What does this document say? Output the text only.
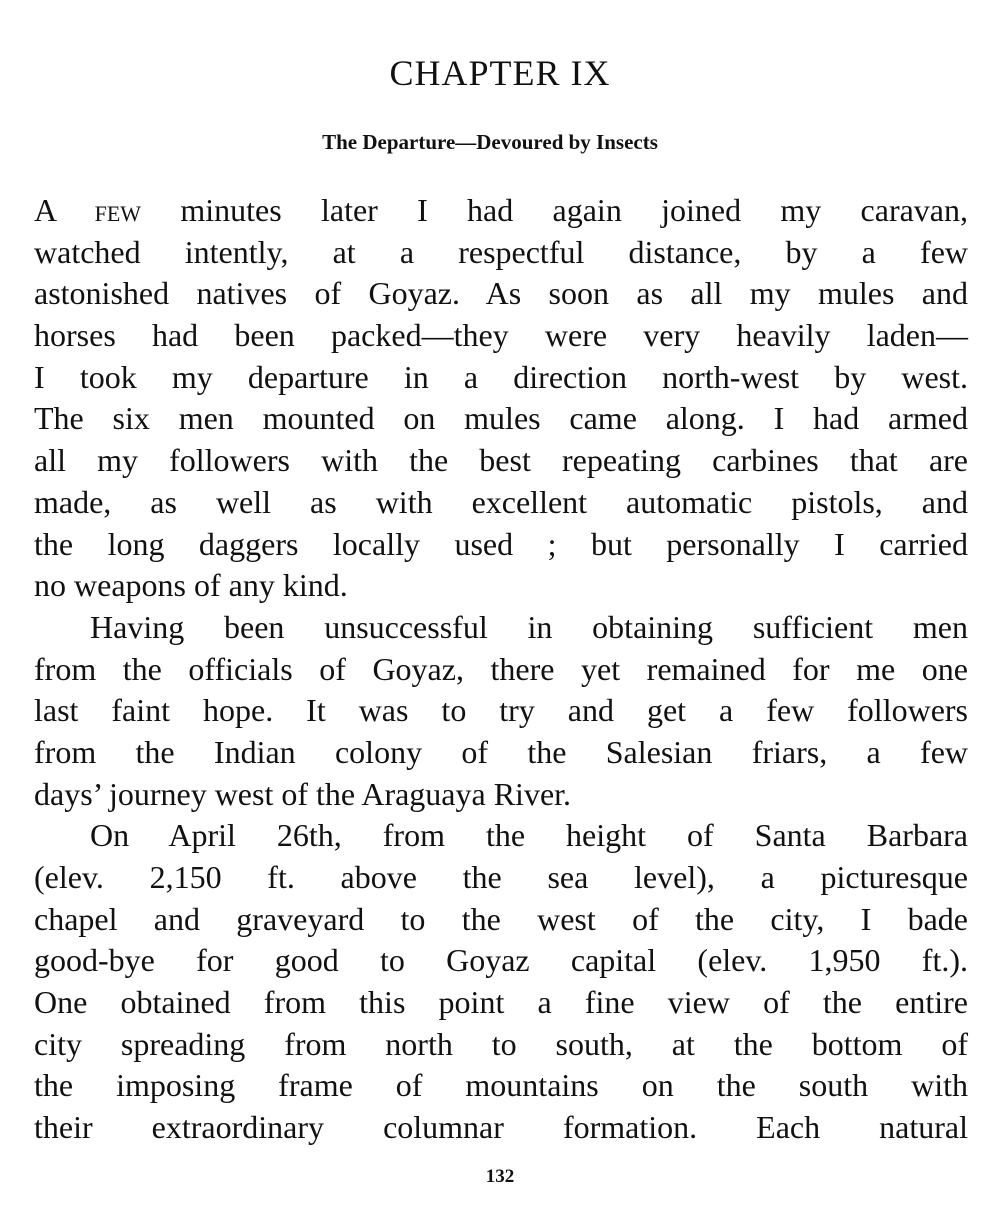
CHAPTER IX
The Departure—Devoured by Insects
A few minutes later I had again joined my caravan,
watched intently, at a respectful distance, by a few
astonished natives of Goyaz. As soon as all my mules and
horses had been packed—they were very heavily laden—
I took my departure in a direction north-west by west.
The six men mounted on mules came along. I had armed
all my followers with the best repeating carbines that are
made, as well as with excellent automatic pistols, and
the long daggers locally used ; but personally I carried
no weapons of any kind.
Having been unsuccessful in obtaining sufficient men
from the officials of Goyaz, there yet remained for me one
last faint hope. It was to try and get a few followers
from the Indian colony of the Salesian friars, a few
days’ journey west of the Araguaya River.
On April 26th, from the height of Santa Barbara
(elev. 2,150 ft. above the sea level), a picturesque
chapel and graveyard to the west of the city, I bade
good-bye for good to Goyaz capital (elev. 1,950 ft.).
One obtained from this point a fine view of the entire
city spreading from north to south, at the bottom of
the imposing frame of mountains on the south with
their extraordinary columnar formation. Each natural
132
